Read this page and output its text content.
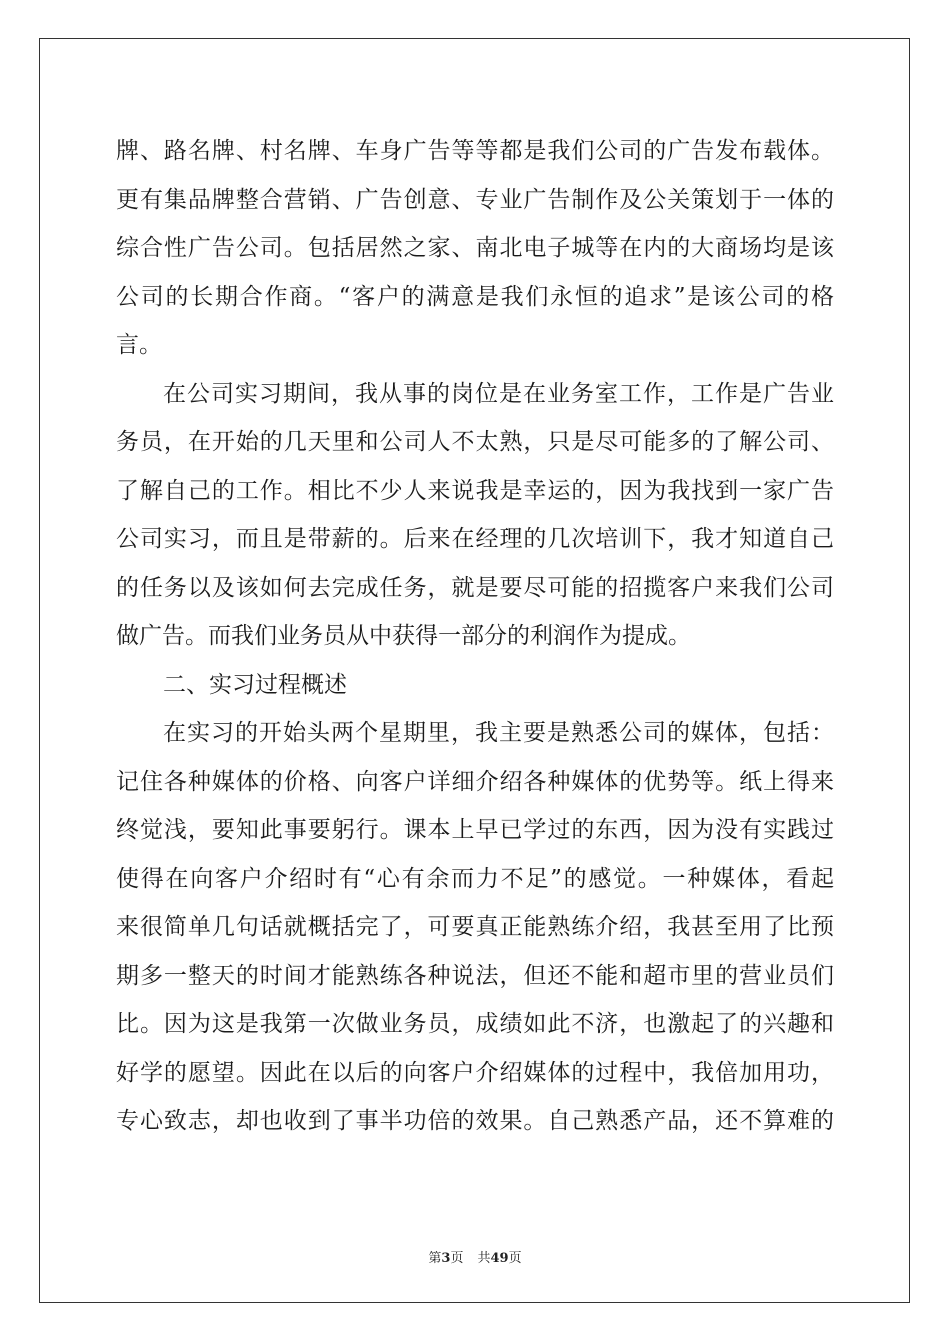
牌、路名牌、村名牌、车身广告等等都是我们公司的广告发布载体。
更有集品牌整合营销、广告创意、专业广告制作及公关策划于一体的
综合性广告公司。包括居然之家、南北电子城等在内的大商场均是该
公司的长期合作商。“客户的满意是我们永恒的追求”是该公司的格
言。
在公司实习期间，我从事的岗位是在业务室工作，工作是广告业
务员，在开始的几天里和公司人不太熟，只是尽可能多的了解公司、
了解自己的工作。相比不少人来说我是幸运的，因为我找到一家广告
公司实习，而且是带薪的。后来在经理的几次培训下，我才知道自己
的任务以及该如何去完成任务，就是要尽可能的招揽客户来我们公司
做广告。而我们业务员从中获得一部分的利润作为提成。
二、实习过程概述
在实习的开始头两个星期里，我主要是熟悉公司的媒体，包括：
记住各种媒体的价格、向客户详细介绍各种媒体的优势等。纸上得来
终觉浅，要知此事要躬行。课本上早已学过的东西，因为没有实践过
使得在向客户介绍时有“心有余而力不足”的感觉。一种媒体，看起
来很简单几句话就概括完了，可要真正能熟练介绍，我甚至用了比预
期多一整天的时间才能熟练各种说法，但还不能和超市里的营业员们
比。因为这是我第一次做业务员，成绩如此不济，也激起了的兴趣和
好学的愿望。因此在以后的向客户介绍媒体的过程中，我倍加用功，
专心致志，却也收到了事半功倍的效果。自己熟悉产品，还不算难的
第3页 共49页
